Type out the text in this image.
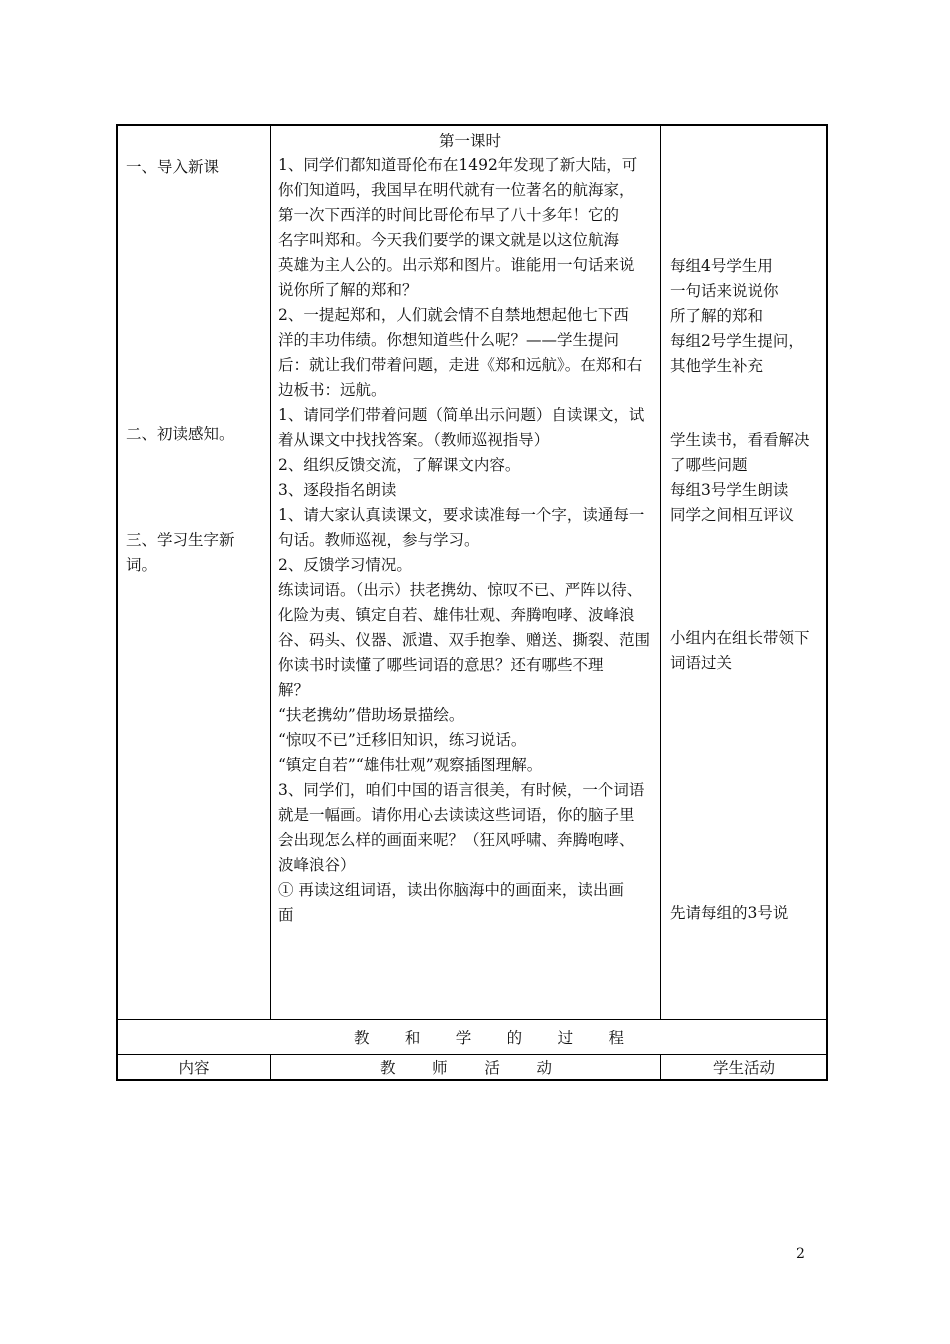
一、导入新课
二、初读感知。
三、学习生字新词。
第一课时

1、同学们都知道哥伦布在1492年发现了新大陆，可

你们知道吗，我国早在明代就有一位著名的航海家，

第一次下西洋的时间比哥伦布早了八十多年！它的

名字叫郑和。今天我们要学的课文就是以这位航海

英雄为主人公的。出示郑和图片。谁能用一句话来说

说你所了解的郑和？

2、一提起郑和，人们就会情不自禁地想起他七下西

洋的丰功伟绩。你想知道些什么呢？——学生提问

后：就让我们带着问题，走进《郑和远航》。在郑和右

边板书：远航。

1、请同学们带着问题（简单出示问题）自读课文，试

着从课文中找找答案。（教师巡视指导）

2、组织反馈交流，了解课文内容。

3、逐段指名朗读

1、请大家认真读课文，要求读准每一个字，读通每一

句话。教师巡视，参与学习。

2、反馈学习情况。

练读词语。（出示）扶老携幼、惊叹不已、严阵以待、

化险为夷、镇定自若、雄伟壮观、奔腾咆哮、波峰浪

谷、码头、仪器、派遣、双手抱拳、赠送、撕裂、范围

你读书时读懂了哪些词语的意思？还有哪些不理

解？

“扶老携幼”借助场景描绘。

“惊叹不已”迁移旧知识，练习说话。

“镇定自若”“雄伟壮观”观察插图理解。

3、同学们，咱们中国的语言很美，有时候，一个词语

就是一幅画。请你用心去读读这些词语，你的脑子里

会出现怎么样的画面来呢？（狂风呼啸、奔腾咆哮、

波峰浪谷）

① 再读这组词语，读出你脑海中的画面来，读出画

面

每组4号学生用

一句话来说说你

所了解的郑和

每组2号学生提问，

其他学生补充

学生读书，看看解决

了哪些问题

每组3号学生朗读

同学之间相互评议

小组内在组长带领下

词语过关

先请每组的3号说

教 和 学 的 过 程
内容	教 师 活 动	学生活动
2
